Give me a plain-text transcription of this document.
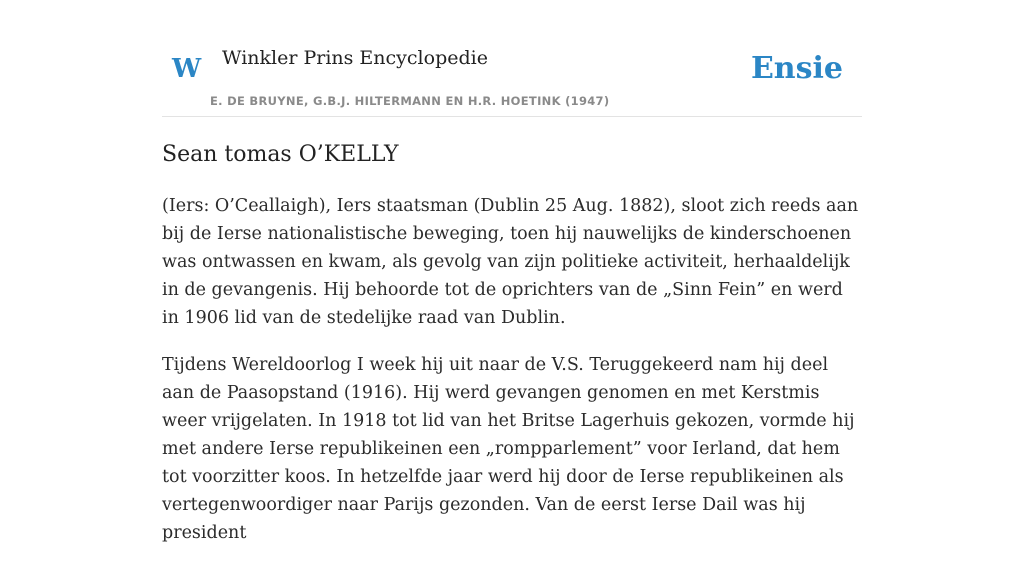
W Winkler Prins Encyclopedie
E. DE BRUYNE, G.B.J. HILTERMANN EN H.R. HOETINK (1947)
Ensie
Sean tomas O’KELLY

(Iers: O’Ceallaigh), Iers staatsman (Dublin 25 Aug. 1882), sloot zich reeds aan bij de Ierse nationalistische beweging, toen hij nauwelijks de kinderschoenen was ontwassen en kwam, als gevolg van zijn politieke activiteit, herhaaldelijk in de gevangenis. Hij behoorde tot de oprichters van de „Sinn Fein” en werd in 1906 lid van de stedelijke raad van Dublin.

Tijdens Wereldoorlog I week hij uit naar de V.S. Teruggekeerd nam hij deel aan de Paasopstand (1916). Hij werd gevangen genomen en met Kerstmis weer vrijgelaten. In 1918 tot lid van het Britse Lagerhuis gekozen, vormde hij met andere Ierse republikeinen een „rompparlement” voor Ierland, dat hem tot voorzitter koos. In hetzelfde jaar werd hij door de Ierse republikeinen als vertegenwoordiger naar Parijs gezonden. Van de eerst Ierse Dail was hij president
